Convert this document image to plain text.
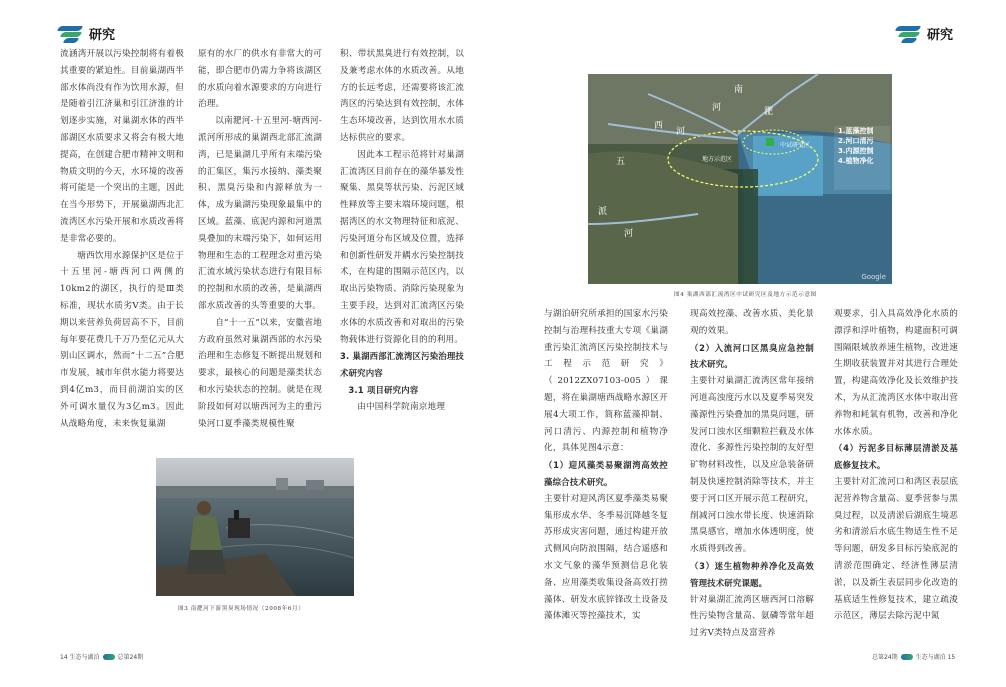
研究	研究

流涵湾开展以污染控制将有着极其重要的紧迫性。目前巢湖西半部水体尚没有作为饮用水源，但是随着引江济巢和引江济淮的计划逐步实施，对巢湖水体的西半部湖区水质要求又将会有极大地提高，在创建合肥市精神文明和物质文明的今天，水环境的改善将可能是一个突出的主题，因此在当今形势下，开展巢湖西北汇流湾区水污染开展和水质改善将是非常必要的。

塘西饮用水源保护区是位于十五里河-塘西河口两侧的10km2的湖区，执行的是Ⅲ类标准，现状水质劣Ⅴ类。由于长期以来营养负荷居高不下，目前每年要花费几千万乃至亿元从大别山区调水，然而“十二五”合肥市发展，城市年供水能力将要达到4亿m3，而目前湖泊实的区外可调水量仅为3亿m3。因此从战略角度，未来恢复巢湖

原有的水厂的供水有非常大的可能，即合肥市仍需力争将该湖区的水质向着水源要求的方向进行治理。

以南淝河-十五里河-塘西河-派河所形成的巢湖西北部汇流湖湾，已是巢湖几乎所有末端污染的汇集区，集污水接纳、藻类聚积、黑臭污染和内源释放为一体，成为巢湖污染现象最集中的区域。蓝藻、底泥内源和河道黑臭叠加的末端污染下，如何运用物理和生态的工程理念对重污染汇流水域污染状态进行有限目标的控制和水质的改善，是巢湖西部水质改善的头等重要的大事。

自“十一五”以来，安徽省地方政府虽然对巢湖西部的水污染治理和生态修复不断提出规划和要求，最核心的问题是藻类状态和水污染状态的控制。就是在现阶段如何对以塘西河为主的重污染河口夏季藻类规模性聚

积、带状黑臭进行有效控制，以及兼考虑水体的水质改善。从地方的长远考虑，还需要将该汇流湾区的污染达到有效控制，水体生态环境改善，达到饮用水水质达标供应的要求。

因此本工程示范将针对巢湖汇流湾区目前存在的藻华暴发性聚集、黑臭等状污染、污泥区域性释放等主要末端环境问题，根据湾区的水文物理特征和底泥、污染河道分布区域及位置，选择和创新性研发并耦水污染控制技术，在构建的围隔示范区内，以取出污染物质、消除污染现象为主要手段，达到对汇流湾区污染水体的水质改善和对取出的污染物载体进行资源化目的的利用。

3. 巢湖西部汇流湾区污染治理技术研究内容

3.1 项目研究内容

由中国科学院南京地理

图3 南淝河下游黑臭现场情况（2008年6月）
南
淝
河
西
河
五
派
河
地方示范区
中试研究区
1.蓝藻控制
2.河口清污
3.内源控制
4.植物净化
Google
图4 巢湖西部汇流湾区中试研究区及地方示范示意图

与湖泊研究所承担的国家水污染控制与治理科技重大专项《巢湖重污染汇流湾区污染控制技术与工程示范研究》（2012ZX07103-005）课题，将在巢湖塘西战略水源区开展4大项工作，简称蓝藻抑制、河口清污、内源控制和植物净化，具体见图4示意：

（1）迎风藻类易聚湖湾高效控藻综合技术研究。

主要针对迎风湾区夏季藻类易聚集形成水华、冬季易沉降越冬复苏形成灾害问题，通过构建开放式侧风向防浪围隔，结合遥感和水文气象的藻华预测信息化装备、应用藻类收集设备高效打捞藻体、研发水底锌锋改土设备及藻体滩灭等控藻技术，实

现高效控藻、改善水质、美化景观的效果。

（2）入流河口区黑臭应急控制技术研究。

主要针对巢湖汇流湾区常年接纳河道高浊度污水以及夏季易突发藻源性污染叠加的黑臭问题，研发河口浊水区细颗粒拦截及水体澄化、多源性污染控制的友好型矿物材料改性，以及应急装备研制及快速控制消除等技术，并主要于河口区开展示范工程研究，削减河口浊水带长度、快速消除黑臭感官，增加水体透明度，使水质得到改善。

（3）迷生植物种养净化及高效管理技术研究课题。

针对巢湖汇流湾区塘西河口溶解性污染物含量高、氨磷等常年超过劣Ⅴ类特点及富营养

观要求，引入具高效净化水质的漂浮和浮叶植物，构建面积可调围隔限域放养速生植物，改进速生期收获装置并对其进行合理处置，构建高效净化及长效维护技术，为从汇流湾区水体中取出营养物和耗氧有机物，改善和净化水体水质。

（4）污泥多目标薄层清淤及基底修复技术。

主要针对汇流河口和湾区表层底泥营养物含量高、夏季营参与黑臭过程，以及清淤后湖底生境恶劣和清淤后水底生物适生性不足等问题，研发多目标污染底泥的清淤范围确定、经济性薄层清淤，以及新生表层同步化改造的基底适生性修复技术，建立疏浚示范区，薄层去除污泥中氮

14 生态与湖泊	总第24期	总第24期	生态与湖泊 15
